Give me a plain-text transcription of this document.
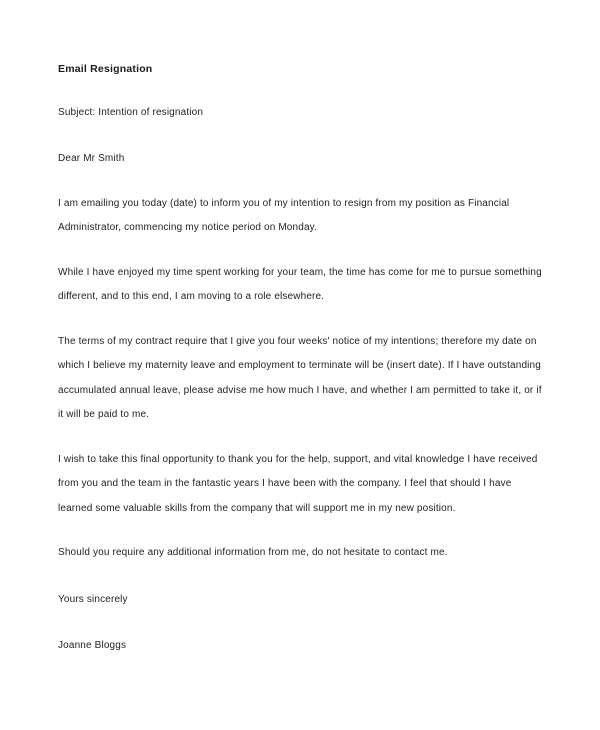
Email Resignation

Subject: Intention of resignation

Dear Mr Smith

I am emailing you today (date) to inform you of my intention to resign from my position as Financial Administrator, commencing my notice period on Monday.

While I have enjoyed my time spent working for your team, the time has come for me to pursue something different, and to this end, I am moving to a role elsewhere.

The terms of my contract require that I give you four weeks' notice of my intentions; therefore my date on which I believe my maternity leave and employment to terminate will be (insert date). If I have outstanding accumulated annual leave, please advise me how much I have, and whether I am permitted to take it, or if it will be paid to me.

I wish to take this final opportunity to thank you for the help, support, and vital knowledge I have received from you and the team in the fantastic years I have been with the company. I feel that should I have learned some valuable skills from the company that will support me in my new position.

Should you require any additional information from me, do not hesitate to contact me.

Yours sincerely

Joanne Bloggs
